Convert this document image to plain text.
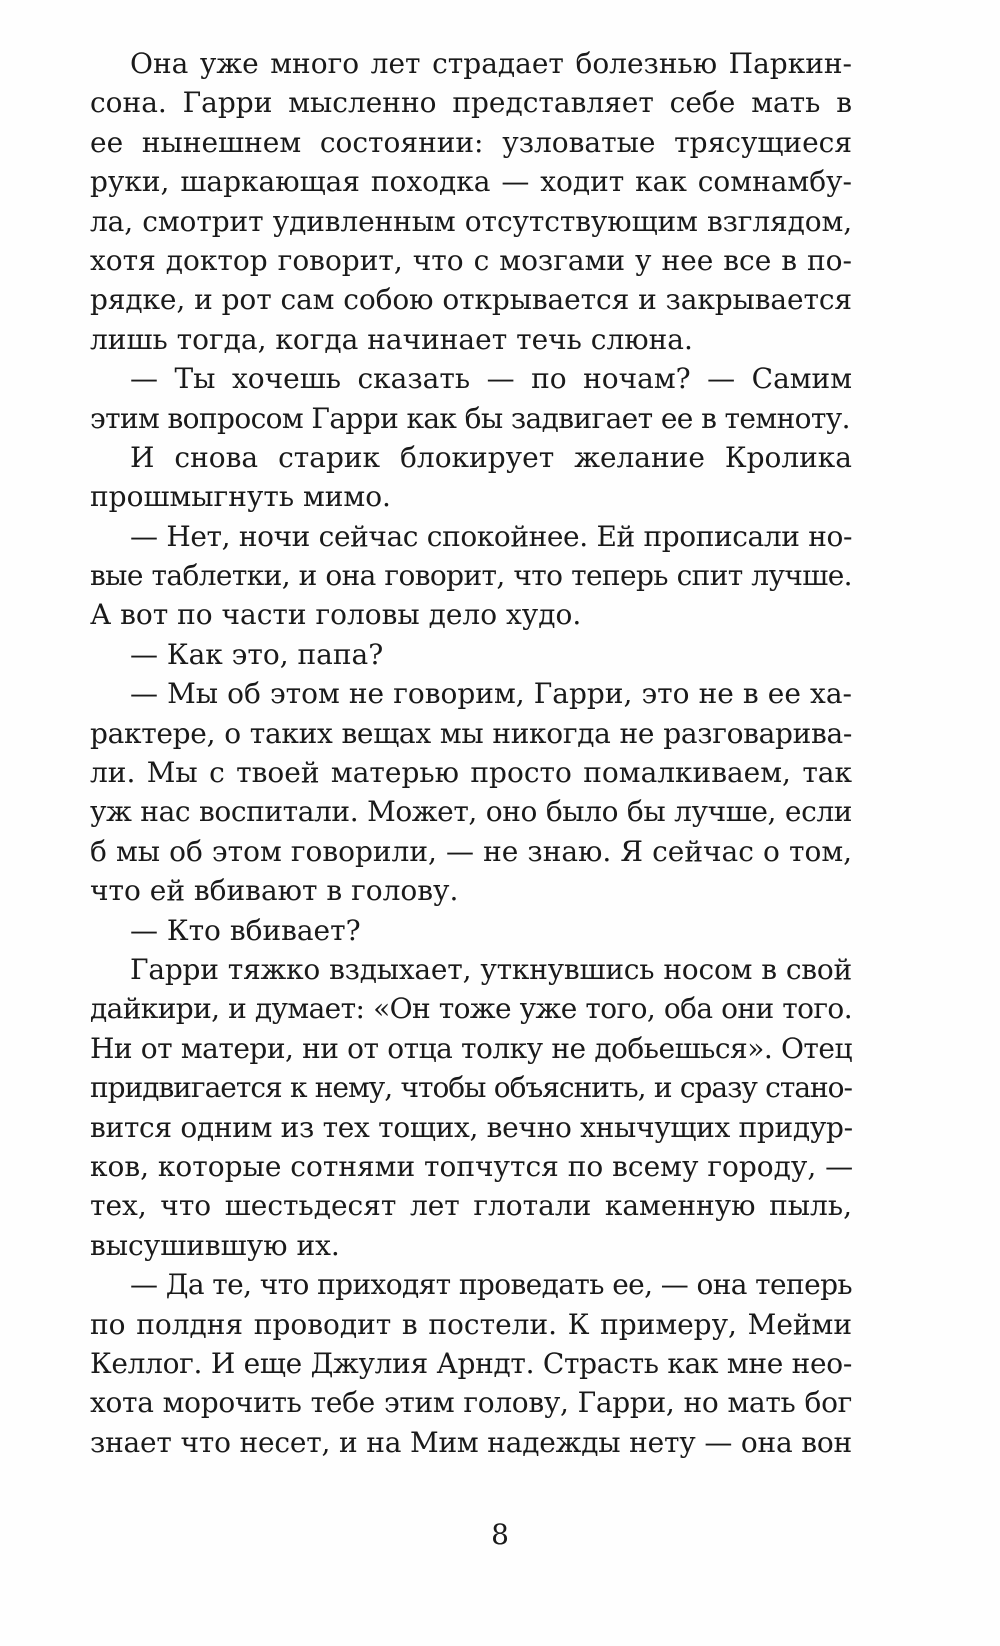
Она уже много лет страдает болезнью Паркин-
сона. Гарри мысленно представляет себе мать в
ее нынешнем состоянии: узловатые трясущиеся
руки, шаркающая походка — ходит как сомнамбу-
ла, смотрит удивленным отсутствующим взглядом,
хотя доктор говорит, что с мозгами у нее все в по-
рядке, и рот сам собою открывается и закрывается
лишь тогда, когда начинает течь слюна.
— Ты хочешь сказать — по ночам? — Самим
этим вопросом Гарри как бы задвигает ее в темноту.
И снова старик блокирует желание Кролика
прошмыгнуть мимо.
— Нет, ночи сейчас спокойнее. Ей прописали но-
вые таблетки, и она говорит, что теперь спит лучше.
А вот по части головы дело худо.
— Как это, папа?
— Мы об этом не говорим, Гарри, это не в ее ха-
рактере, о таких вещах мы никогда не разговарива-
ли. Мы с твоей матерью просто помалкиваем, так
уж нас воспитали. Может, оно было бы лучше, если
б мы об этом говорили, — не знаю. Я сейчас о том,
что ей вбивают в голову.
— Кто вбивает?
Гарри тяжко вздыхает, уткнувшись носом в свой
дайкири, и думает: «Он тоже уже того, оба они того.
Ни от матери, ни от отца толку не добьешься». Отец
придвигается к нему, чтобы объяснить, и сразу стано-
вится одним из тех тощих, вечно хнычущих придур-
ков, которые сотнями топчутся по всему городу, —
тех, что шестьдесят лет глотали каменную пыль,
высушившую их.
— Да те, что приходят проведать ее, — она теперь
по полдня проводит в постели. К примеру, Мейми
Келлог. И еще Джулия Арндт. Страсть как мне нео-
хота морочить тебе этим голову, Гарри, но мать бог
знает что несет, и на Мим надежды нету — она вон
8
